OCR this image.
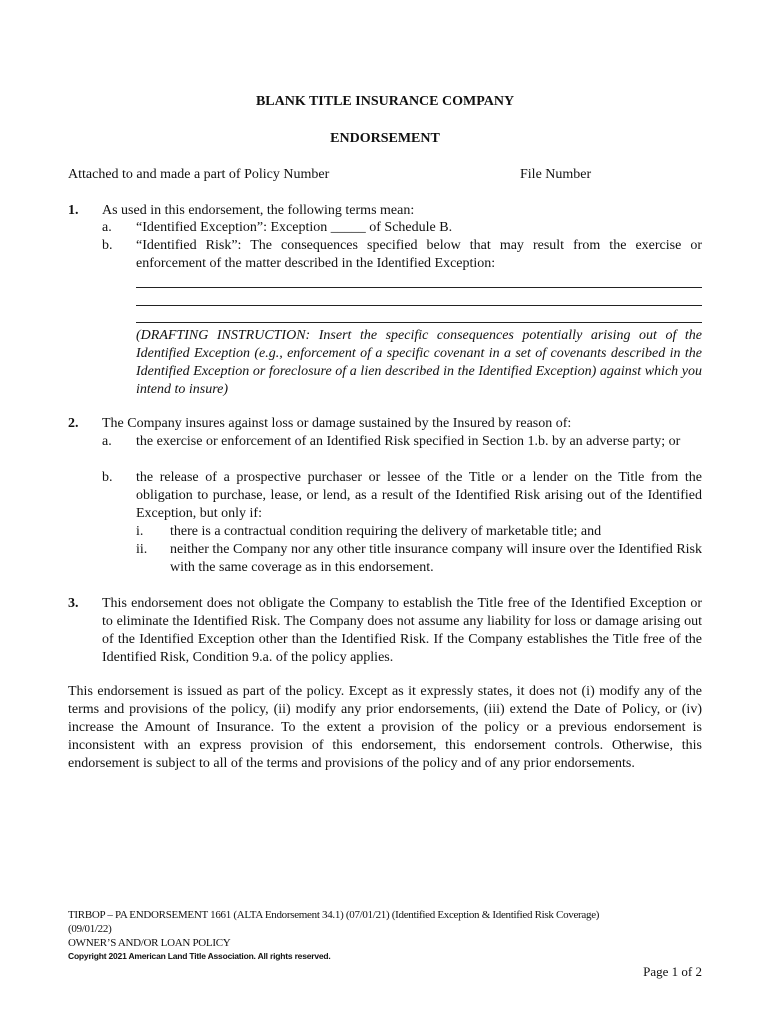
BLANK TITLE INSURANCE COMPANY
ENDORSEMENT
Attached to and made a part of Policy Number	File Number
1. As used in this endorsement, the following terms mean:
a. “Identified Exception”: Exception _____ of Schedule B.
b. “Identified Risk”: The consequences specified below that may result from the exercise or enforcement of the matter described in the Identified Exception:
(DRAFTING INSTRUCTION: Insert the specific consequences potentially arising out of the Identified Exception (e.g., enforcement of a specific covenant in a set of covenants described in the Identified Exception or foreclosure of a lien described in the Identified Exception) against which you intend to insure)
2. The Company insures against loss or damage sustained by the Insured by reason of:
a. the exercise or enforcement of an Identified Risk specified in Section 1.b. by an adverse party; or
b. the release of a prospective purchaser or lessee of the Title or a lender on the Title from the obligation to purchase, lease, or lend, as a result of the Identified Risk arising out of the Identified Exception, but only if:
i. there is a contractual condition requiring the delivery of marketable title; and
ii. neither the Company nor any other title insurance company will insure over the Identified Risk with the same coverage as in this endorsement.
3. This endorsement does not obligate the Company to establish the Title free of the Identified Exception or to eliminate the Identified Risk. The Company does not assume any liability for loss or damage arising out of the Identified Exception other than the Identified Risk. If the Company establishes the Title free of the Identified Risk, Condition 9.a. of the policy applies.
This endorsement is issued as part of the policy. Except as it expressly states, it does not (i) modify any of the terms and provisions of the policy, (ii) modify any prior endorsements, (iii) extend the Date of Policy, or (iv) increase the Amount of Insurance. To the extent a provision of the policy or a previous endorsement is inconsistent with an express provision of this endorsement, this endorsement controls. Otherwise, this endorsement is subject to all of the terms and provisions of the policy and of any prior endorsements.
TIRBOP – PA ENDORSEMENT 1661 (ALTA Endorsement 34.1) (07/01/21) (Identified Exception & Identified Risk Coverage)
(09/01/22)
OWNER’S AND/OR LOAN POLICY
Copyright 2021 American Land Title Association. All rights reserved.
Page 1 of 2
